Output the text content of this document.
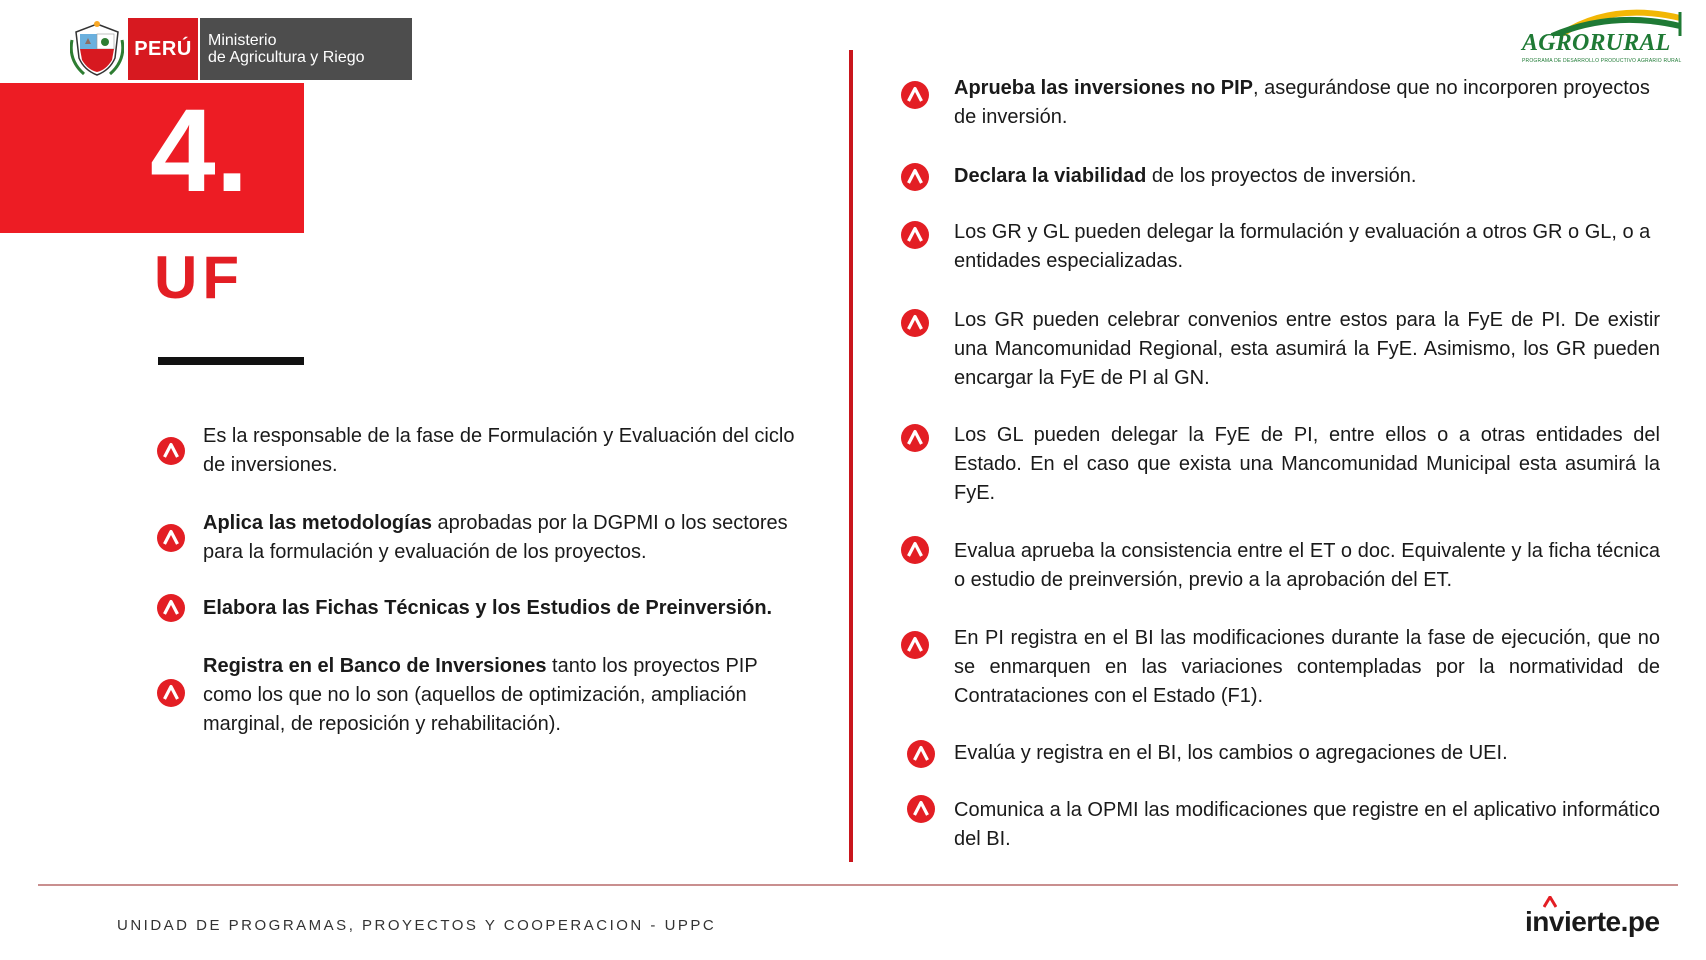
PERÚ	Ministerio
de Agricultura y Riego
AGRORURAL
PROGRAMA DE DESARROLLO PRODUCTIVO AGRARIO RURAL
4.
UF
Es la responsable de la fase de Formulación y Evaluación del ciclo de inversiones.
Aplica las metodologías aprobadas por la DGPMI o los sectores para la formulación y evaluación de los proyectos.
Elabora las Fichas Técnicas y los Estudios de Preinversión.
Registra en el Banco de Inversiones tanto los proyectos PIP como los que no lo son (aquellos de optimización, ampliación marginal, de reposición y rehabilitación).
Aprueba las inversiones no PIP, asegurándose que no incorporen proyectos de inversión.
Declara la viabilidad de los proyectos de inversión.
Los GR y GL pueden delegar la formulación y evaluación a otros GR o GL, o a entidades especializadas.
Los GR pueden celebrar convenios entre estos para la FyE de PI. De existir una Mancomunidad Regional, esta asumirá la FyE. Asimismo, los GR pueden encargar la FyE de PI al GN.
Los GL pueden delegar la FyE de PI, entre ellos o a otras entidades del Estado. En el caso que exista una Mancomunidad Municipal esta asumirá la FyE.
Evalua aprueba la consistencia entre el ET o doc. Equivalente y la ficha técnica o estudio de preinversión, previo a la aprobación del ET.
En PI registra en el BI las modificaciones durante la fase de ejecución, que no se enmarquen en las variaciones contempladas por la normatividad de Contrataciones con el Estado (F1).
Evalúa y registra en el BI, los cambios o agregaciones de UEI.
Comunica a la OPMI las modificaciones que registre en el aplicativo informático del BI.
UNIDAD DE PROGRAMAS, PROYECTOS Y COOPERACION - UPPC	invierte.pe
